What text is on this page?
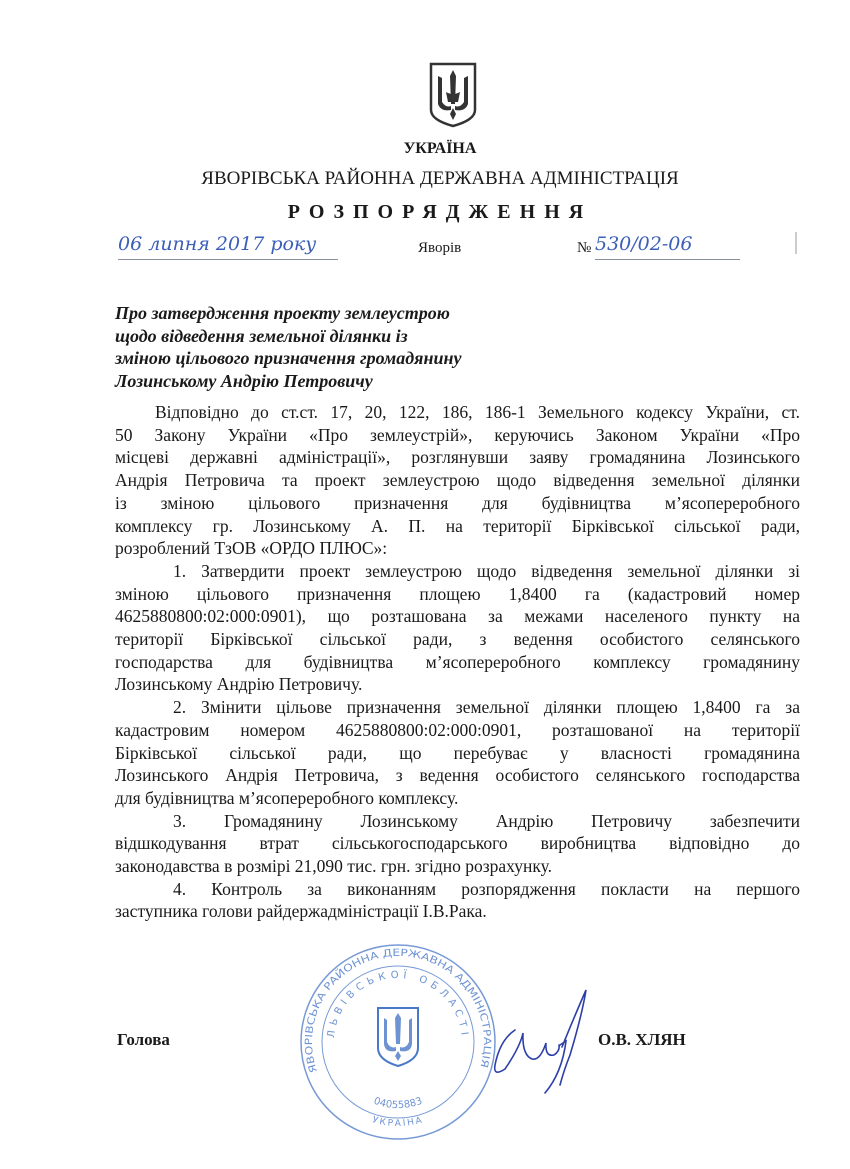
УКРАЇНА
ЯВОРІВСЬКА РАЙОННА ДЕРЖАВНА АДМІНІСТРАЦІЯ
РОЗПОРЯДЖЕННЯ
06 липня 2017 року	Яворів	№ 530/02-06
Про затвердження проекту землеустрою
щодо відведення земельної ділянки із
зміною цільового призначення громадянину
Лозинському Андрію Петровичу
Відповідно до ст.ст. 17, 20, 122, 186, 186-1 Земельного кодексу України, ст.
50 Закону України «Про землеустрій», керуючись Законом України «Про
місцеві державні адміністрації», розглянувши заяву громадянина Лозинського
Андрія Петровича та проект землеустрою щодо відведення земельної ділянки
із зміною цільового призначення для будівництва м’ясопереробного
комплексу гр. Лозинському А. П. на території Бірківської сільської ради,
розроблений ТзОВ «ОРДО ПЛЮС»:
1. Затвердити проект землеустрою щодо відведення земельної ділянки зі
зміною цільового призначення площею 1,8400 га (кадастровий номер
4625880800:02:000:0901), що розташована за межами населеного пункту на
території Бірківської сільської ради, з ведення особистого селянського
господарства для будівництва м’ясопереробного комплексу громадянину
Лозинському Андрію Петровичу.
2. Змінити цільове призначення земельної ділянки площею 1,8400 га за
кадастровим номером 4625880800:02:000:0901, розташованої на території
Бірківської сільської ради, що перебуває у власності громадянина
Лозинського Андрія Петровича, з ведення особистого селянського господарства
для будівництва м’ясопереробного комплексу.
3. Громадянину Лозинському Андрію Петровичу забезпечити
відшкодування втрат сільськогосподарського виробництва відповідно до
законодавства в розмірі 21,090 тис. грн. згідно розрахунку.
4. Контроль за виконанням розпорядження покласти на першого
заступника голови райдержадміністрації І.В.Рака.
ЯВОРІВСЬКА РАЙОННА ДЕРЖАВНА АДМІНІСТРАЦІЯ
ЛЬВІВСЬКОЇ ОБЛАСТІ
04055883
УКРАЇНА
Голова	О.В. ХЛЯН
